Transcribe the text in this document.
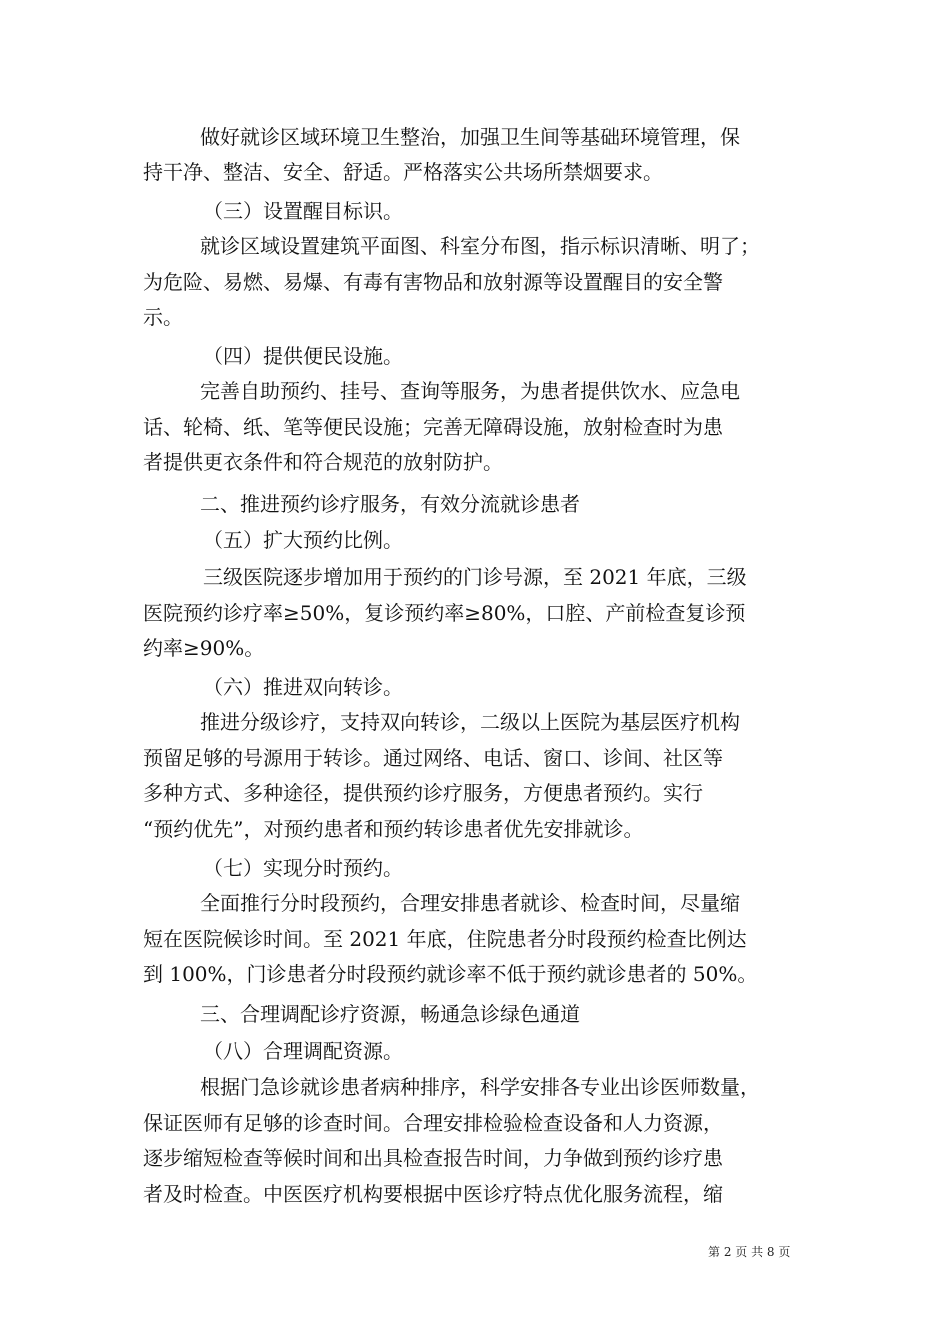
做好就诊区域环境卫生整治，加强卫生间等基础环境管理，保
持干净、整洁、安全、舒适。严格落实公共场所禁烟要求。
（三）设置醒目标识。
就诊区域设置建筑平面图、科室分布图，指示标识清晰、明了；
为危险、易燃、易爆、有毒有害物品和放射源等设置醒目的安全警
示。
（四）提供便民设施。
完善自助预约、挂号、查询等服务，为患者提供饮水、应急电
话、轮椅、纸、笔等便民设施；完善无障碍设施，放射检查时为患
者提供更衣条件和符合规范的放射防护。
二、推进预约诊疗服务，有效分流就诊患者
（五）扩大预约比例。
三级医院逐步增加用于预约的门诊号源，至 2021 年底，三级
医院预约诊疗率≥50%，复诊预约率≥80%，口腔、产前检查复诊预
约率≥90%。
（六）推进双向转诊。
推进分级诊疗，支持双向转诊，二级以上医院为基层医疗机构
预留足够的号源用于转诊。通过网络、电话、窗口、诊间、社区等
多种方式、多种途径，提供预约诊疗服务，方便患者预约。实行
“预约优先”，对预约患者和预约转诊患者优先安排就诊。
（七）实现分时预约。
全面推行分时段预约，合理安排患者就诊、检查时间，尽量缩
短在医院候诊时间。至 2021 年底，住院患者分时段预约检查比例达
到 100%，门诊患者分时段预约就诊率不低于预约就诊患者的 50%。
三、合理调配诊疗资源，畅通急诊绿色通道
（八）合理调配资源。
根据门急诊就诊患者病种排序，科学安排各专业出诊医师数量，
保证医师有足够的诊查时间。合理安排检验检查设备和人力资源，
逐步缩短检查等候时间和出具检查报告时间，力争做到预约诊疗患
者及时检查。中医医疗机构要根据中医诊疗特点优化服务流程，缩
第 2 页 共 8 页
